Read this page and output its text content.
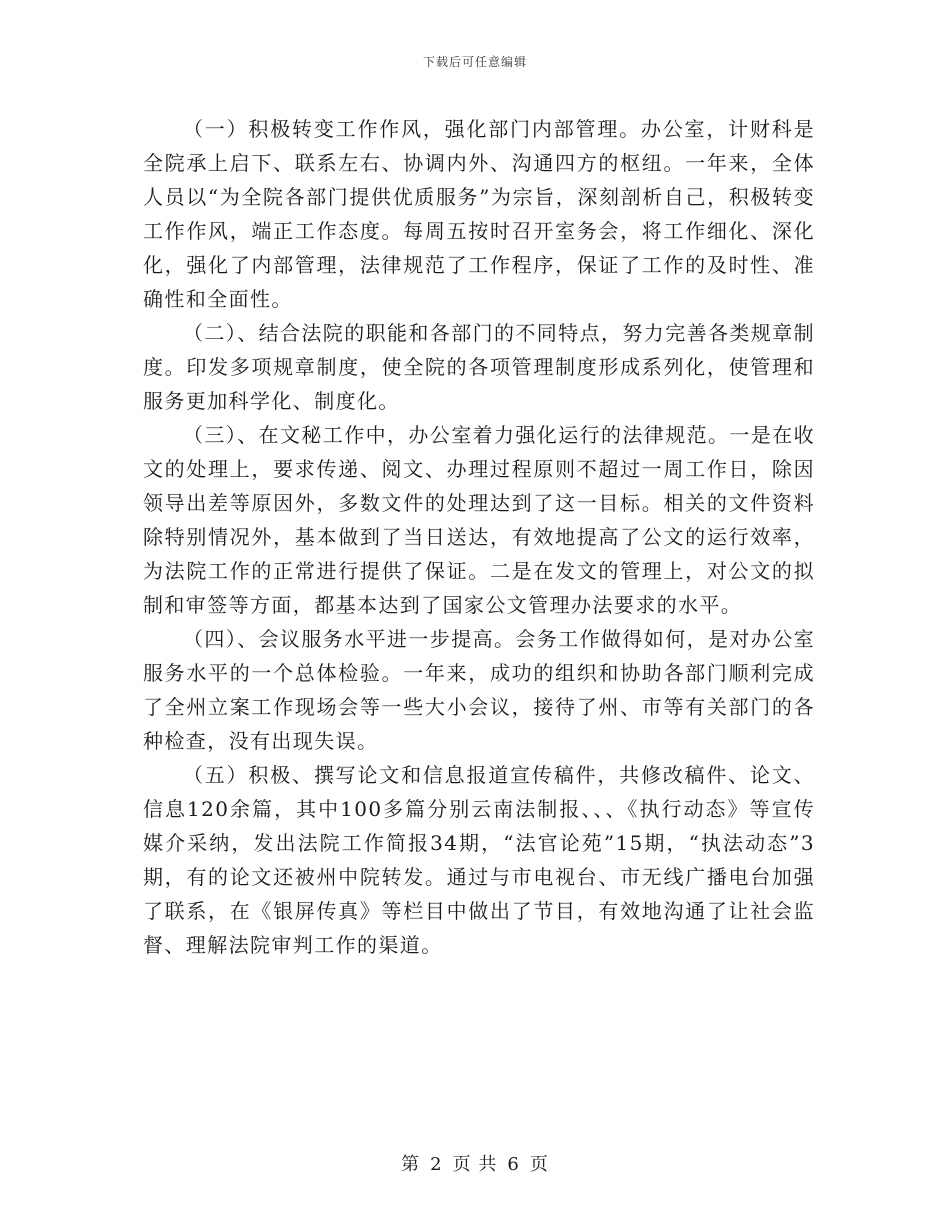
下载后可任意编辑

（一）积极转变工作作风，强化部门内部管理。办公室，计财科是全院承上启下、联系左右、协调内外、沟通四方的枢纽。一年来，全体人员以“为全院各部门提供优质服务”为宗旨，深刻剖析自己，积极转变工作作风，端正工作态度。每周五按时召开室务会，将工作细化、深化化，强化了内部管理，法律规范了工作程序，保证了工作的及时性、准确性和全面性。

（二）、结合法院的职能和各部门的不同特点，努力完善各类规章制度。印发多项规章制度，使全院的各项管理制度形成系列化，使管理和服务更加科学化、制度化。

（三）、在文秘工作中，办公室着力强化运行的法律规范。一是在收文的处理上，要求传递、阅文、办理过程原则不超过一周工作日，除因领导出差等原因外，多数文件的处理达到了这一目标。相关的文件资料除特别情况外，基本做到了当日送达，有效地提高了公文的运行效率，为法院工作的正常进行提供了保证。二是在发文的管理上，对公文的拟制和审签等方面，都基本达到了国家公文管理办法要求的水平。

（四）、会议服务水平进一步提高。会务工作做得如何，是对办公室服务水平的一个总体检验。一年来，成功的组织和协助各部门顺利完成了全州立案工作现场会等一些大小会议，接待了州、市等有关部门的各种检查，没有出现失误。

（五）积极、撰写论文和信息报道宣传稿件，共修改稿件、论文、信息120余篇，其中100多篇分别云南法制报、、、《执行动态》等宣传媒介采纳，发出法院工作简报34期，“法官论苑”15期，“执法动态”3期，有的论文还被州中院转发。通过与市电视台、市无线广播电台加强了联系，在《银屏传真》等栏目中做出了节目，有效地沟通了让社会监督、理解法院审判工作的渠道。

第 2 页 共 6 页
